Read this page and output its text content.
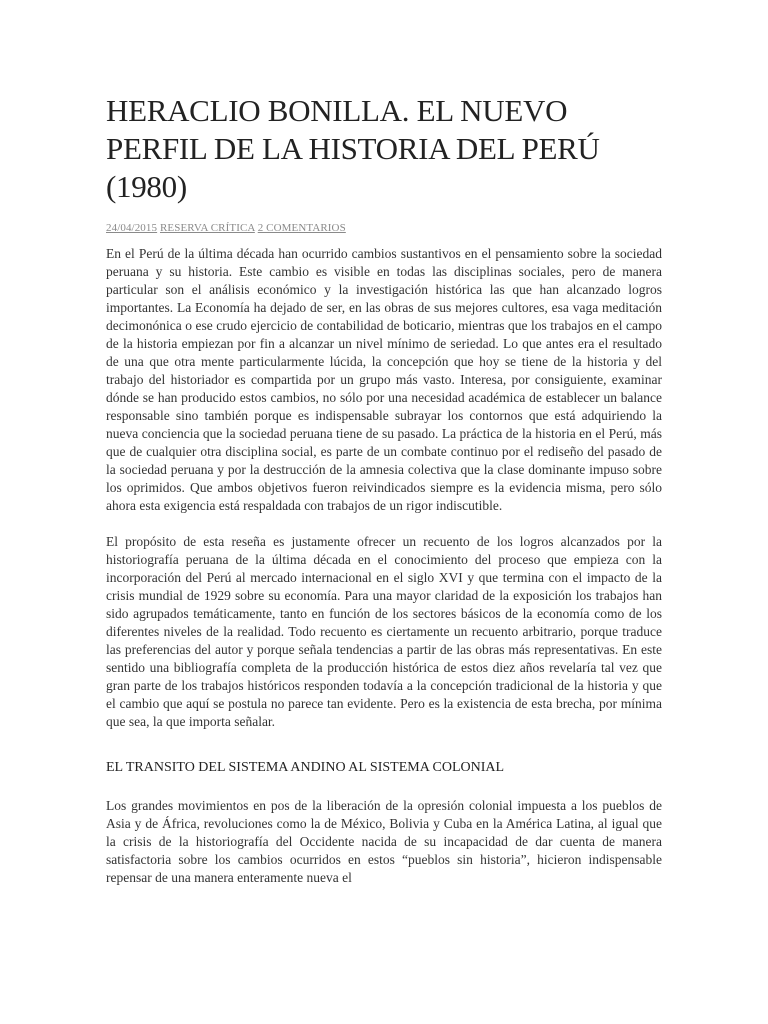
HERACLIO BONILLA. EL NUEVO PERFIL DE LA HISTORIA DEL PERÚ (1980)
24/04/2015 RESERVA CRÍTICA 2 COMENTARIOS

En el Perú de la última década han ocurrido cambios sustantivos en el pensamiento sobre la sociedad peruana y su historia. Este cambio es visible en todas las disciplinas sociales, pero de manera particular son el análisis económico y la investigación histórica las que han alcanzado logros importantes. La Economía ha dejado de ser, en las obras de sus mejores cultores, esa vaga meditación decimonónica o ese crudo ejercicio de contabilidad de boticario, mientras que los trabajos en el campo de la historia empiezan por fin a alcanzar un nivel mínimo de seriedad. Lo que antes era el resultado de una que otra mente particularmente lúcida, la concepción que hoy se tiene de la historia y del trabajo del historiador es compartida por un grupo más vasto. Interesa, por consiguiente, examinar dónde se han producido estos cambios, no sólo por una necesidad académica de establecer un balance responsable sino también porque es indispensable subrayar los contornos que está adquiriendo la nueva conciencia que la sociedad peruana tiene de su pasado. La práctica de la historia en el Perú, más que de cualquier otra disciplina social, es parte de un combate continuo por el rediseño del pasado de la sociedad peruana y por la destrucción de la amnesia colectiva que la clase dominante impuso sobre los oprimidos. Que ambos objetivos fueron reivindicados siempre es la evidencia misma, pero sólo ahora esta exigencia está respaldada con trabajos de un rigor indiscutible.

El propósito de esta reseña es justamente ofrecer un recuento de los logros alcanzados por la historiografía peruana de la última década en el conocimiento del proceso que empieza con la incorporación del Perú al mercado internacional en el siglo XVI y que termina con el impacto de la crisis mundial de 1929 sobre su economía. Para una mayor claridad de la exposición los trabajos han sido agrupados temáticamente, tanto en función de los sectores básicos de la economía como de los diferentes niveles de la realidad. Todo recuento es ciertamente un recuento arbitrario, porque traduce las preferencias del autor y porque señala tendencias a partir de las obras más representativas. En este sentido una bibliografía completa de la producción histórica de estos diez años revelaría tal vez que gran parte de los trabajos históricos responden todavía a la concepción tradicional de la historia y que el cambio que aquí se postula no parece tan evidente. Pero es la existencia de esta brecha, por mínima que sea, la que importa señalar.

EL TRANSITO DEL SISTEMA ANDINO AL SISTEMA COLONIAL

Los grandes movimientos en pos de la liberación de la opresión colonial impuesta a los pueblos de Asia y de África, revoluciones como la de México, Bolivia y Cuba en la América Latina, al igual que la crisis de la historiografía del Occidente nacida de su incapacidad de dar cuenta de manera satisfactoria sobre los cambios ocurridos en estos “pueblos sin historia”, hicieron indispensable repensar de una manera enteramente nueva el
